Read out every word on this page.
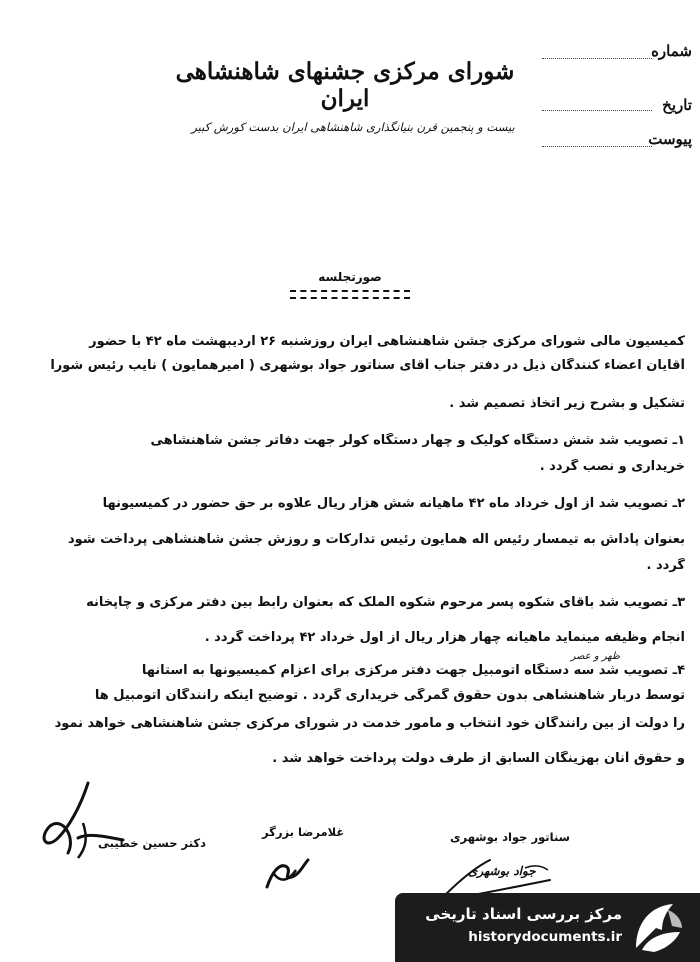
شماره
تاریخ
پیوست
شورای مرکزی جشنهای شاهنشاهی ایران
بیست و پنجمین قرن بنیانگذاری شاهنشاهی ایران بدست کورش کبیر
صورتجلسه
کمیسیون مالی شورای مرکزی جشن شاهنشاهی ایران روزشنبه ۲۶ اردیبهشت ماه ۴۲ با حضور
آقایان اعضاء کنندگان ذیل در دفتر جناب آقای سناتور جواد بوشهری ( امیرهمایون ) نایب رئیس شورا
تشکیل و بشرح زیر اتخاذ تصمیم شد .
۱ـ تصویب شد شش دستگاه کولیک و چهار دستگاه کولر جهت دفاتر جشن شاهنشاهی
خریداری و نصب گردد .
۲ـ تصویب شد از اول خرداد ماه ۴۲ ماهیانه شش هزار ریال علاوه بر حق حضور در کمیسیونها
بعنوان پاداش به تیمسار رئیس اله همایون رئیس تدارکات و روزش جشن شاهنشاهی پرداخت شود
گردد .
۳ـ تصویب شد باقای شکوه پسر مرحوم شکوه الملک که بعنوان رابط بین دفتر مرکزی و چاپخانه
انجام وظیفه مینماید ماهیانه چهار هزار ریال از اول خرداد ۴۲ پرداخت گردد .
ظهر و عصر
۴ـ تصویب شد سه دستگاه اتومبیل جهت دفتر مرکزی برای اعزام کمیسیونها به استانها
توسط دربار شاهنشاهی بدون حقوق گمرگی خریداری گردد . توضیح اینکه رانندگان اتومبیل ها
را دولت از بین رانندگان خود انتخاب و مامور خدمت در شورای مرکزی جشن شاهنشاهی خواهد نمود
و حقوق آنان بهزینگان السابق از طرف دولت پرداخت خواهد شد .
دکتر حسین خطیبی
غلامرضا بزرگر	سناتور جواد بوشهری
جواد بوشهری
مرکز بررسی اسناد تاریخی
historydocuments.ir
